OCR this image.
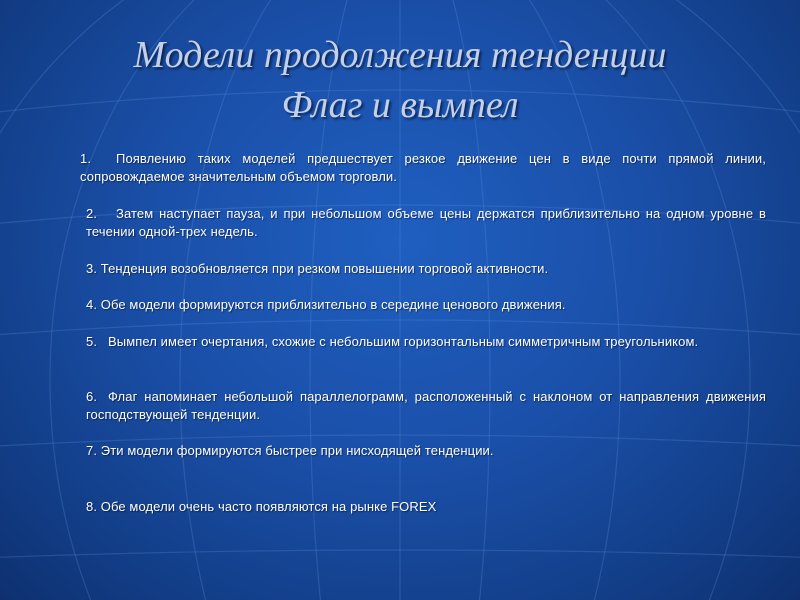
Модели продолжения тенденции
Флаг и вымпел
1. Появлению таких моделей предшествует резкое движение цен в виде почти прямой линии, сопровождаемое значительным объемом торговли.
2. Затем наступает пауза, и при небольшом объеме цены держатся приблизительно на одном уровне в течении одной-трех недель.
3. Тенденция возобновляется при резком повышении торговой активности.
4. Обе модели формируются приблизительно в середине ценового движения.
5. Вымпел имеет очертания, схожие с небольшим горизонтальным симметричным треугольником.
6. Флаг напоминает небольшой параллелограмм, расположенный с наклоном от направления движения господствующей тенденции.
7. Эти модели формируются быстрее при нисходящей тенденции.
8. Обе модели очень часто появляются на рынке FOREX
